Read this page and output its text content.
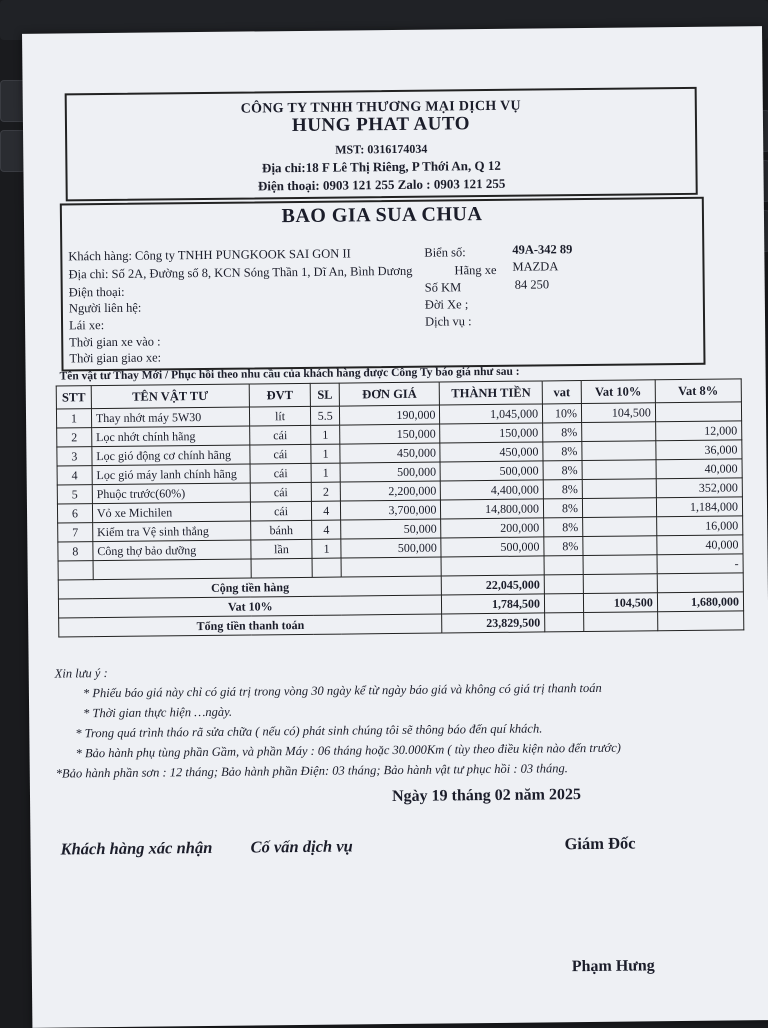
CÔNG TY TNHH THƯƠNG MẠI DỊCH VỤ
HUNG PHAT AUTO
MST: 0316174034
Địa chỉ:18 F Lê Thị Riêng, P Thới An, Q 12
Điện thoại: 0903 121 255 Zalo : 0903 121 255
BAO GIA SUA CHUA
Khách hàng: Công ty TNHH PUNGKOOK SAI GON II
Địa chỉ: Số 2A, Đường số 8, KCN Sóng Thần 1, Dĩ An, Bình Dương
Điện thoại:
Người liên hệ:
Lái xe:
Thời gian xe vào :
Thời gian giao xe:
Biển số:	49A-342 89
Hãng xe MAZDA
Số KM	84 250
Đời Xe ;
Dịch vụ :
Tên vật tư Thay Mới / Phục hồi theo nhu cầu của khách hàng được Công Ty báo giá như sau :
STT	TÊN VẬT TƯ	ĐVT	SL	ĐƠN GIÁ	THÀNH TIỀN	vat	Vat 10%	Vat 8%
1	Thay nhớt máy 5W30	lít	5.5	190,000	1,045,000	10%	104,500	
2	Lọc nhớt chính hãng	cái	1	150,000	150,000	8%		12,000
3	Lọc gió động cơ chính hãng	cái	1	450,000	450,000	8%		36,000
4	Lọc gió máy lanh chính hãng	cái	1	500,000	500,000	8%		40,000
5	Phuộc trước(60%)	cái	2	2,200,000	4,400,000	8%		352,000
6	Vỏ xe Michilen	cái	4	3,700,000	14,800,000	8%		1,184,000
7	Kiểm tra Vệ sinh thắng	bánh	4	50,000	200,000	8%		16,000
8	Công thợ bảo dưỡng	lần	1	500,000	500,000	8%		40,000
								-
Cộng tiền hàng					22,045,000			
Vat 10%					1,784,500		104,500	1,680,000
Tổng tiền thanh toán					23,829,500			
Xin lưu ý :
* Phiếu báo giá này chỉ có giá trị trong vòng 30 ngày kể từ ngày báo giá và không có giá trị thanh toán
* Thời gian thực hiện …ngày.
* Trong quá trình tháo rã sửa chữa ( nếu có) phát sinh chúng tôi sẽ thông báo đến quí khách.
* Bảo hành phụ tùng phần Gầm, và phần Máy : 06 tháng hoặc 30.000Km ( tùy theo điều kiện nào đến trước)
*Bảo hành phần sơn : 12 tháng; Bảo hành phần Điện: 03 tháng; Bảo hành vật tư phục hồi : 03 tháng.
Ngày 19 tháng 02 năm 2025
Khách hàng xác nhận Cố vấn dịch vụ	Giám Đốc
Phạm Hưng
